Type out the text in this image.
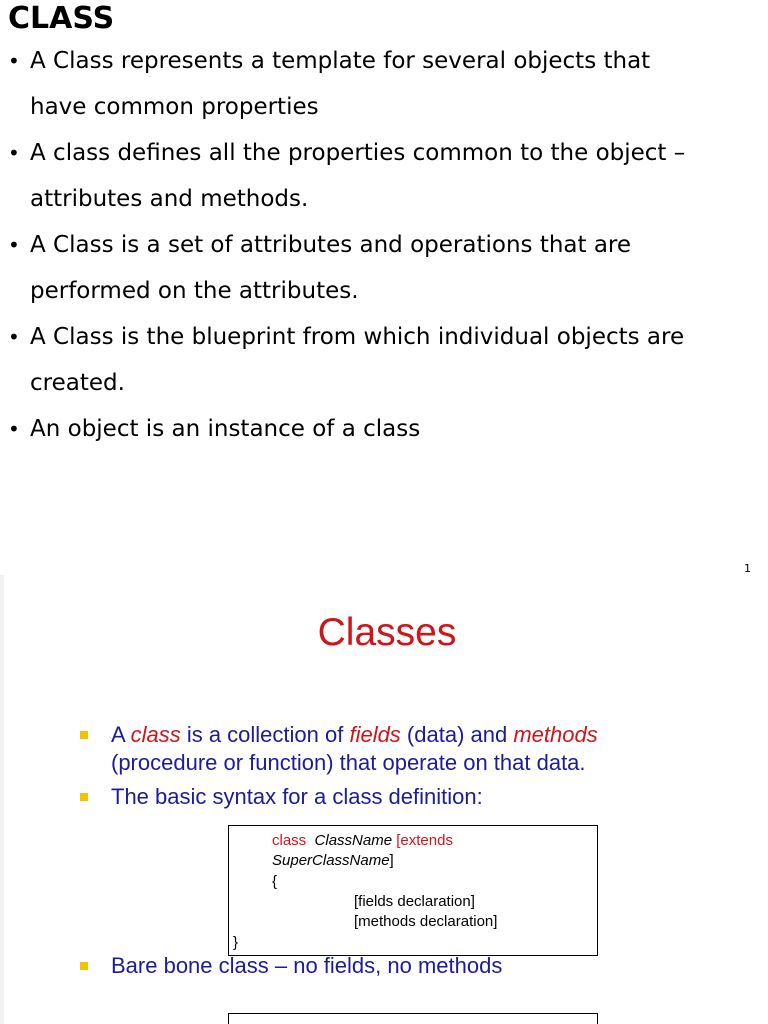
CLASS
• A Class represents a template for several objects that
have common properties
• A class defines all the properties common to the object –
attributes and methods.
• A Class is a set of attributes and operations that are
performed on the attributes.
• A Class is the blueprint from which individual objects are
created.
• An object is an instance of a class
1
Classes
A class is a collection of fields (data) and methods
(procedure or function) that operate on that data.
The basic syntax for a class definition:
class ClassName [extends
SuperClassName]
{
[fields declaration]
[methods declaration]
}
Bare bone class – no fields, no methods
